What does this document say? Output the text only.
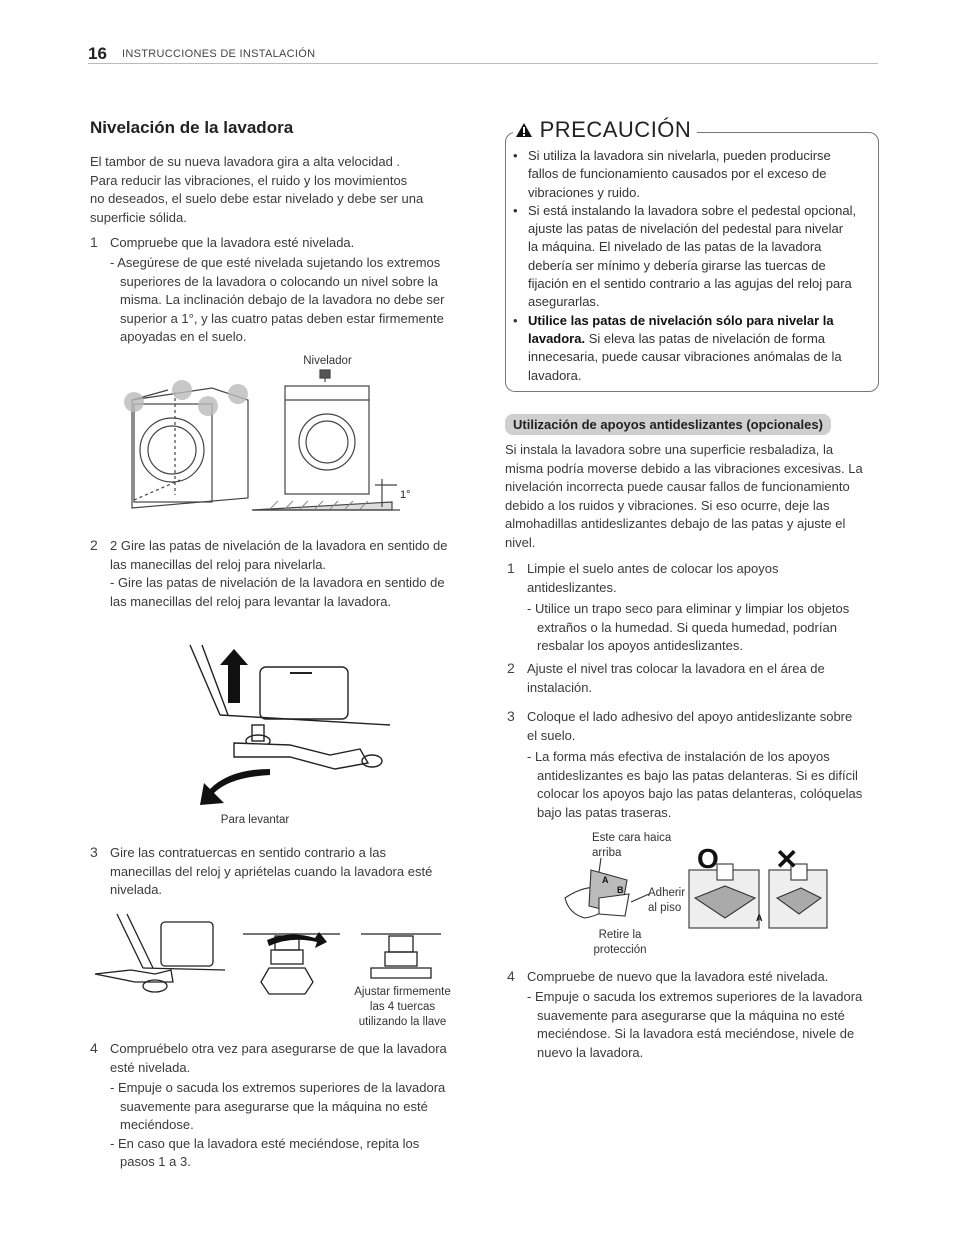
16 INSTRUCCIONES DE INSTALACIÓN
Nivelación de la lavadora
El tambor de su nueva lavadora gira a alta velocidad .
Para reducir las vibraciones, el ruido y los movimientos
no deseados, el suelo debe estar nivelado y debe ser una
superficie sólida.
1 Compruebe que la lavadora esté nivelada.
- Asegúrese de que esté nivelada sujetando los extremos
superiores de la lavadora o colocando un nivel sobre la
misma. La inclinación debajo de la lavadora no debe ser
superior a 1°, y las cuatro patas deben estar firmemente
apoyadas en el suelo.
Nivelador
1°
2 2 Gire las patas de nivelación de la lavadora en sentido de
las manecillas del reloj para nivelarla.
- Gire las patas de nivelación de la lavadora en sentido de
las manecillas del reloj para levantar la lavadora.
Para levantar
3 Gire las contratuercas en sentido contrario a las
manecillas del reloj y apriételas cuando la lavadora esté
nivelada.
Ajustar firmemente
las 4 tuercas
utilizando la llave
4 Compruébelo otra vez para asegurarse de que la lavadora
esté nivelada.
- Empuje o sacuda los extremos superiores de la lavadora
suavemente para asegurarse que la máquina no esté
meciéndose.
- En caso que la lavadora esté meciéndose, repita los
pasos 1 a 3.
PRECAUCIÓN
• Si utiliza la lavadora sin nivelarla, pueden producirse
fallos de funcionamiento causados por el exceso de
vibraciones y ruido.
• Si está instalando la lavadora sobre el pedestal opcional,
ajuste las patas de nivelación del pedestal para nivelar
la máquina. El nivelado de las patas de la lavadora
debería ser mínimo y debería girarse las tuercas de
fijación en el sentido contrario a las agujas del reloj para
asegurarlas.
• Utilice las patas de nivelación sólo para nivelar la
lavadora. Si eleva las patas de nivelación de forma
innecesaria, puede causar vibraciones anómalas de la
lavadora.
Utilización de apoyos antideslizantes (opcionales)
Si instala la lavadora sobre una superficie resbaladiza, la
misma podría moverse debido a las vibraciones excesivas. La
nivelación incorrecta puede causar fallos de funcionamiento
debido a los ruidos y vibraciones. Si eso ocurre, deje las
almohadillas antideslizantes debajo de las patas y ajuste el
nivel.
1 Limpie el suelo antes de colocar los apoyos
antideslizantes.
- Utilice un trapo seco para eliminar y limpiar los objetos
extraños o la humedad. Si queda humedad, podrían
resbalar los apoyos antideslizantes.
2 Ajuste el nivel tras colocar la lavadora en el área de
instalación.
3 Coloque el lado adhesivo del apoyo antideslizante sobre
el suelo.
- La forma más efectiva de instalación de los apoyos
antideslizantes es bajo las patas delanteras. Si es difícil
colocar los apoyos bajo las patas delanteras, colóquelas
bajo las patas traseras.
Este cara haica
arriba	O ✕
A
B
A
Adherir
al piso
Retire la
protección
4 Compruebe de nuevo que la lavadora esté nivelada.
- Empuje o sacuda los extremos superiores de la lavadora
suavemente para asegurarse que la máquina no esté
meciéndose. Si la lavadora está meciéndose, nivele de
nuevo la lavadora.
